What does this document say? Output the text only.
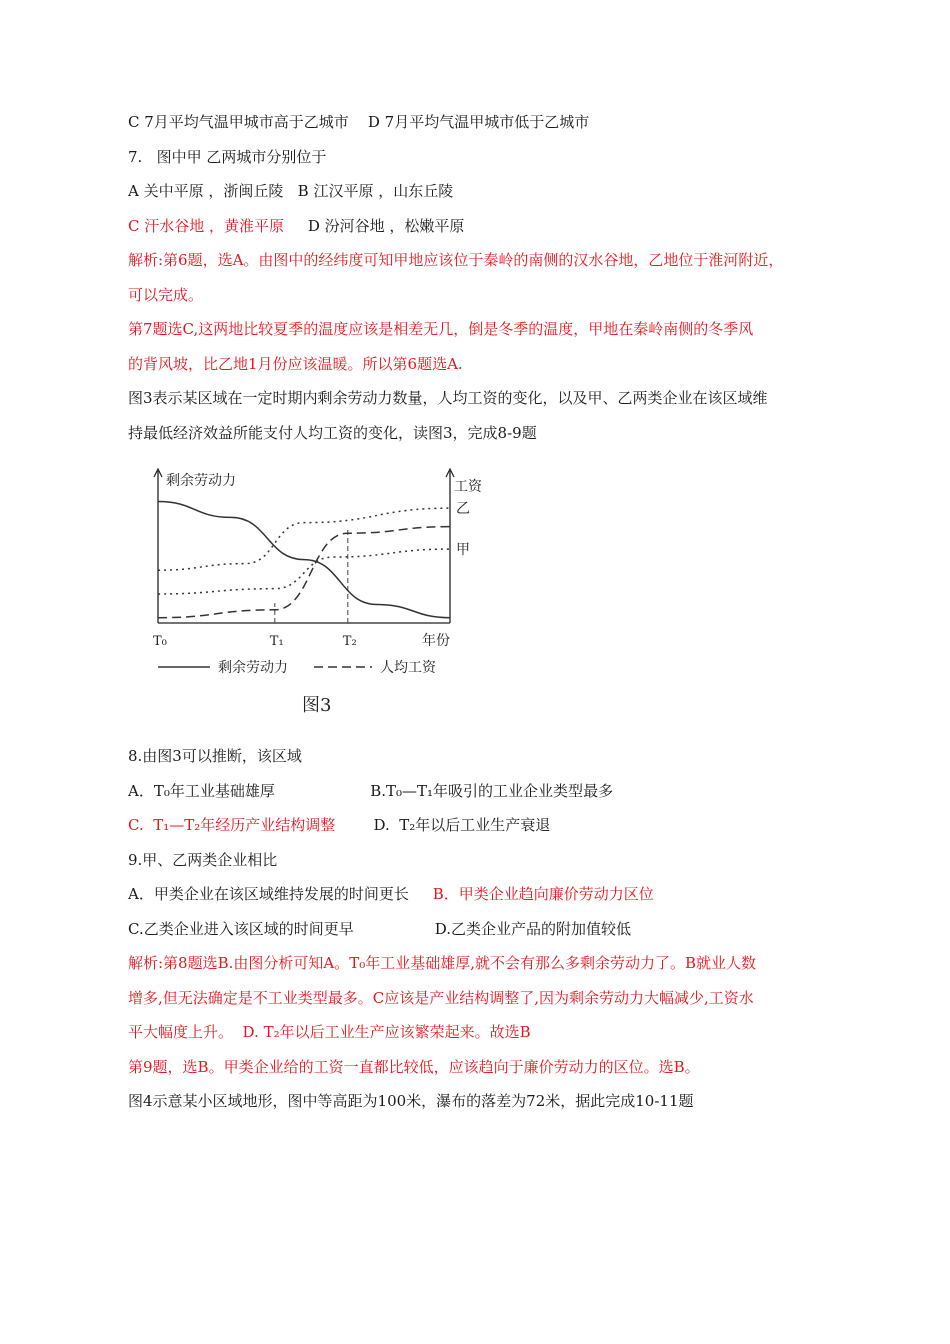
C 7月平均气温甲城市高于乙城市 D 7月平均气温甲城市低于乙城市
7.   图中甲 乙两城市分别位于
A 关中平原 ，浙闽丘陵   B 江汉平原 ，山东丘陵
C 汗水谷地 ，黄淮平原     D 汾河谷地 ，松嫩平原
解析:第6题，选A。由图中的经纬度可知甲地应该位于秦岭的南侧的汉水谷地，乙地位于淮河附近，
可以完成。
第7题选C,这两地比较夏季的温度应该是相差无几，倒是冬季的温度，甲地在秦岭南侧的冬季风
的背风坡，比乙地1月份应该温暖。所以第6题选A.
图3表示某区域在一定时期内剩余劳动力数量，人均工资的变化，以及甲、乙两类企业在该区域维
持最低经济效益所能支付人均工资的变化，读图3，完成8-9题
剩余劳动力	工资
年份
T₀	T₁	T₂
乙
甲
剩余劳动力	人均工资
图3
8.由图3可以推断，该区域
A．T₀年工业基础雄厚	B.T₀—T₁年吸引的工业企业类型最多
C.  T₁—T₂年经历产业结构调整	D.  T₂年以后工业生产衰退
9.甲、乙两类企业相比
A．甲类企业在该区域维持发展的时间更长 B．甲类企业趋向廉价劳动力区位
C.乙类企业进入该区域的时间更早	D.乙类企业产品的附加值较低
解析:第8题选B.由图分析可知A。T₀年工业基础雄厚,就不会有那么多剩余劳动力了。B就业人数
增多,但无法确定是不工业类型最多。C应该是产业结构调整了,因为剩余劳动力大幅减少,工资水
平大幅度上升。  D. T₂年以后工业生产应该繁荣起来。故选B
第9题，选B。甲类企业给的工资一直都比较低，应该趋向于廉价劳动力的区位。选B。
图4示意某小区域地形，图中等高距为100米，瀑布的落差为72米，据此完成10-11题
